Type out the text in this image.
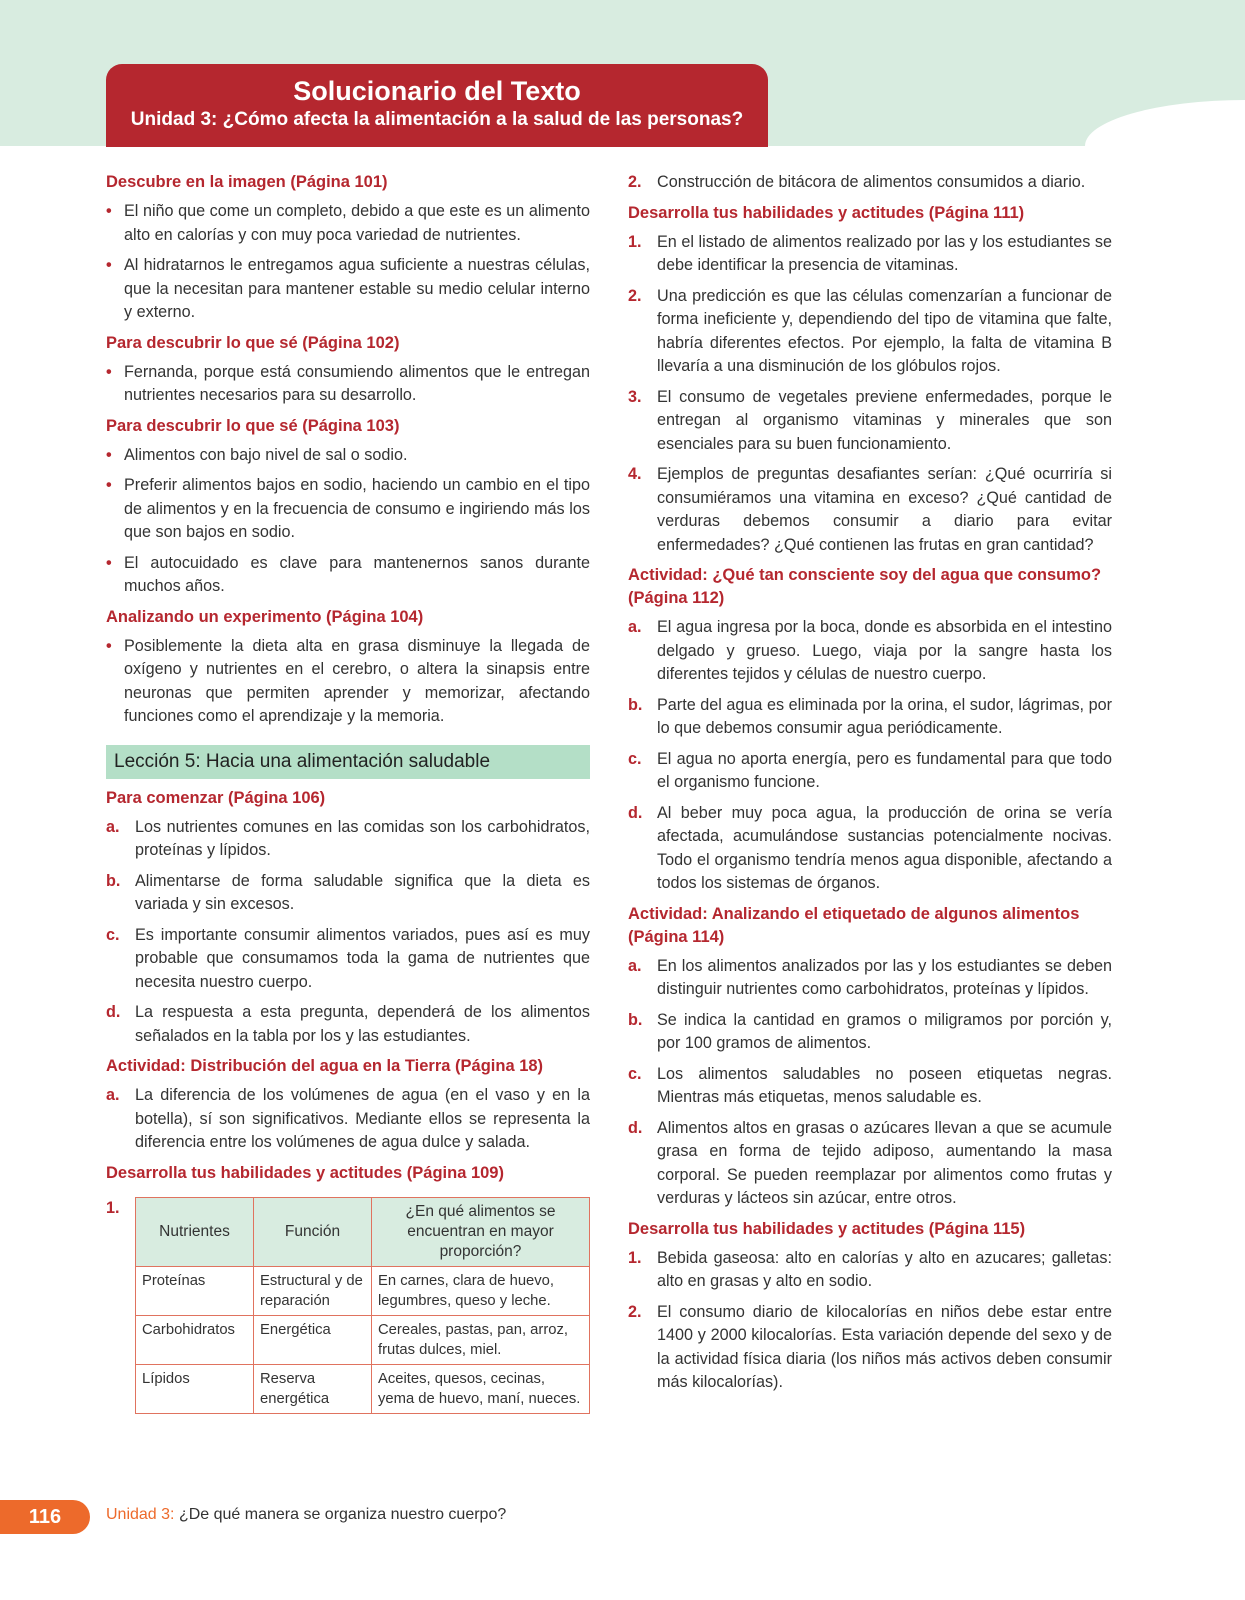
Solucionario del Texto
Unidad 3: ¿Cómo afecta la alimentación a la salud de las personas?
Descubre en la imagen (Página 101)
• El niño que come un completo, debido a que este es un alimento alto en calorías y con muy poca variedad de nutrientes.
• Al hidratarnos le entregamos agua suficiente a nuestras células, que la necesitan para mantener estable su medio celular interno y externo.
Para descubrir lo que sé (Página 102)
• Fernanda, porque está consumiendo alimentos que le entregan nutrientes necesarios para su desarrollo.
Para descubrir lo que sé (Página 103)
• Alimentos con bajo nivel de sal o sodio.
• Preferir alimentos bajos en sodio, haciendo un cambio en el tipo de alimentos y en la frecuencia de consumo e ingiriendo más los que son bajos en sodio.
• El autocuidado es clave para mantenernos sanos durante muchos años.
Analizando un experimento (Página 104)
• Posiblemente la dieta alta en grasa disminuye la llegada de oxígeno y nutrientes en el cerebro, o altera la sinapsis entre neuronas que permiten aprender y memorizar, afectando funciones como el aprendizaje y la memoria.
Lección 5: Hacia una alimentación saludable
Para comenzar (Página 106)
a. Los nutrientes comunes en las comidas son los carbohidratos, proteínas y lípidos.
b. Alimentarse de forma saludable significa que la dieta es variada y sin excesos.
c. Es importante consumir alimentos variados, pues así es muy probable que consumamos toda la gama de nutrientes que necesita nuestro cuerpo.
d. La respuesta a esta pregunta, dependerá de los alimentos señalados en la tabla por los y las estudiantes.
Actividad: Distribución del agua en la Tierra (Página 18)
a. La diferencia de los volúmenes de agua (en el vaso y en la botella), sí son significativos. Mediante ellos se representa la diferencia entre los volúmenes de agua dulce y salada.
Desarrolla tus habilidades y actitudes (Página 109)
1.
Nutrientes	Función	¿En qué alimentos se encuentran en mayor proporción?
Proteínas	Estructural y de reparación	En carnes, clara de huevo, legumbres, queso y leche.
Carbohidratos	Energética	Cereales, pastas, pan, arroz, frutas dulces, miel.
Lípidos	Reserva energética	Aceites, quesos, cecinas, yema de huevo, maní, nueces.
2. Construcción de bitácora de alimentos consumidos a diario.
Desarrolla tus habilidades y actitudes (Página 111)
1. En el listado de alimentos realizado por las y los estudiantes se debe identificar la presencia de vitaminas.
2. Una predicción es que las células comenzarían a funcionar de forma ineficiente y, dependiendo del tipo de vitamina que falte, habría diferentes efectos. Por ejemplo, la falta de vitamina B llevaría a una disminución de los glóbulos rojos.
3. El consumo de vegetales previene enfermedades, porque le entregan al organismo vitaminas y minerales que son esenciales para su buen funcionamiento.
4. Ejemplos de preguntas desafiantes serían: ¿Qué ocurriría si consumiéramos una vitamina en exceso? ¿Qué cantidad de verduras debemos consumir a diario para evitar enfermedades? ¿Qué contienen las frutas en gran cantidad?
Actividad: ¿Qué tan consciente soy del agua que consumo? (Página 112)
a. El agua ingresa por la boca, donde es absorbida en el intestino delgado y grueso. Luego, viaja por la sangre hasta los diferentes tejidos y células de nuestro cuerpo.
b. Parte del agua es eliminada por la orina, el sudor, lágrimas, por lo que debemos consumir agua periódicamente.
c. El agua no aporta energía, pero es fundamental para que todo el organismo funcione.
d. Al beber muy poca agua, la producción de orina se vería afectada, acumulándose sustancias potencialmente nocivas. Todo el organismo tendría menos agua disponible, afectando a todos los sistemas de órganos.
Actividad: Analizando el etiquetado de algunos alimentos (Página 114)
a. En los alimentos analizados por las y los estudiantes se deben distinguir nutrientes como carbohidratos, proteínas y lípidos.
b. Se indica la cantidad en gramos o miligramos por porción y, por 100 gramos de alimentos.
c. Los alimentos saludables no poseen etiquetas negras. Mientras más etiquetas, menos saludable es.
d. Alimentos altos en grasas o azúcares llevan a que se acumule grasa en forma de tejido adiposo, aumentando la masa corporal. Se pueden reemplazar por alimentos como frutas y verduras y lácteos sin azúcar, entre otros.
Desarrolla tus habilidades y actitudes (Página 115)
1. Bebida gaseosa: alto en calorías y alto en azucares; galletas: alto en grasas y alto en sodio.
2. El consumo diario de kilocalorías en niños debe estar entre 1400 y 2000 kilocalorías. Esta variación depende del sexo y de la actividad física diaria (los niños más activos deben consumir más kilocalorías).
116	Unidad 3: ¿De qué manera se organiza nuestro cuerpo?
